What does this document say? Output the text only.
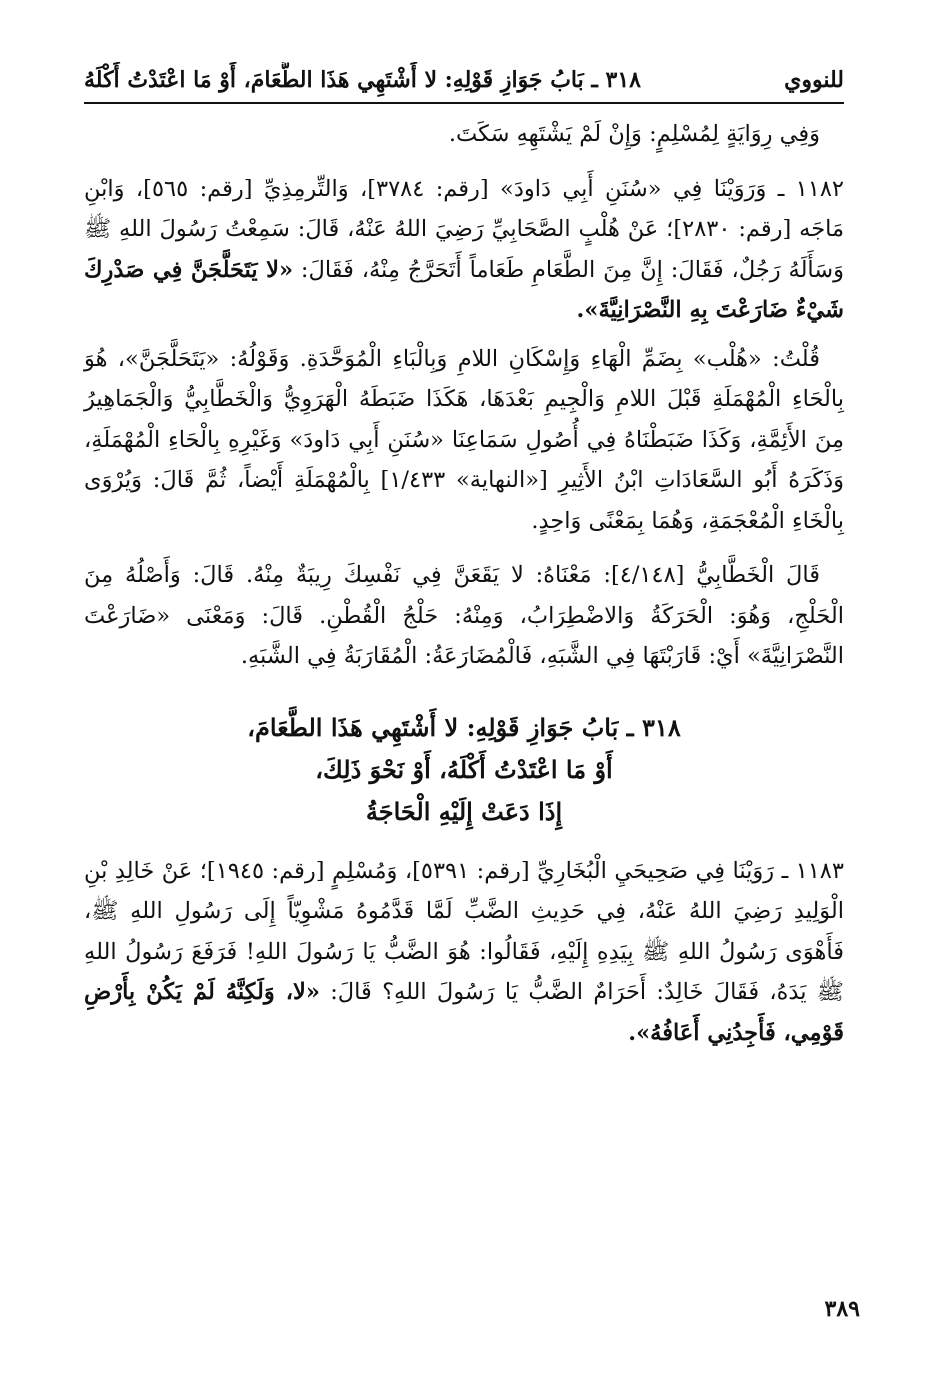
للنووي
٣١٨ ـ بَابُ جَوَازِ قَوْلِهِ: لا أَشْتَهِي هَذَا الطَّعَامَ، أَوْ مَا اعْتَدْتُ أَكْلَهُ

وَفِي رِوَايَةٍ لِمُسْلِمٍ: وَإِنْ لَمْ يَشْتَهِهِ سَكَتَ.

١١٨٢ ـ وَرَوَيْنَا فِي «سُنَنِ أَبِي دَاودَ» [رقم: ٣٧٨٤]، وَالتِّرمِذِيِّ [رقم: ٥٦٥]، وَابْنِ مَاجَه [رقم: ٢٨٣٠]؛ عَنْ هُلْبٍ الصَّحَابِيِّ رَضِيَ اللهُ عَنْهُ، قَالَ: سَمِعْتُ رَسُولَ اللهِ ﷺ وَسَأَلَهُ رَجُلٌ، فَقَالَ: إِنَّ مِنَ الطَّعَامِ طَعَاماً أَتَحَرَّجُ مِنْهُ، فَقَالَ: «لا يَتَحَلَّجَنَّ فِي صَدْرِكَ شَيْءٌ ضَارَعْتَ بِهِ النَّصْرَانِيَّةَ».

قُلْتُ: «هُلْب» بِضَمِّ الْهَاءِ وَإِسْكَانِ اللامِ وَبِالْبَاءِ الْمُوَحَّدَةِ. وَقَوْلُهُ: «يَتَحَلَّجَنَّ»، هُوَ بِالْحَاءِ الْمُهْمَلَةِ قَبْلَ اللامِ وَالْجِيمِ بَعْدَهَا، هَكَذَا ضَبَطَهُ الْهَرَوِيُّ وَالْخَطَّابِيُّ وَالْجَمَاهِيرُ مِنَ الأَئِمَّةِ، وَكَذَا ضَبَطْنَاهُ فِي أُصُولِ سَمَاعِنَا «سُنَنِ أَبِي دَاودَ» وَغَيْرِهِ بِالْحَاءِ الْمُهْمَلَةِ، وَذَكَرَهُ أَبُو السَّعَادَاتِ ابْنُ الأَثِيرِ [«النهاية» ١/٤٣٣] بِالْمُهْمَلَةِ أَيْضاً، ثُمَّ قَالَ: وَيُرْوَى بِالْخَاءِ الْمُعْجَمَةِ، وَهُمَا بِمَعْنًى وَاحِدٍ.

قَالَ الْخَطَّابِيُّ [٤/١٤٨]: مَعْنَاهُ: لا يَقَعَنَّ فِي نَفْسِكَ رِيبَةٌ مِنْهُ. قَالَ: وَأَصْلُهُ مِنَ الْحَلْجِ، وَهُوَ: الْحَرَكَةُ وَالاضْطِرَابُ، وَمِنْهُ: حَلْجُ الْقُطْنِ. قَالَ: وَمَعْنَى «ضَارَعْتَ النَّصْرَانِيَّةَ» أَيْ: قَارَبْتَهَا فِي الشَّبَهِ، فَالْمُضَارَعَةُ: الْمُقَارَبَةُ فِي الشَّبَهِ.

٣١٨ ـ بَابُ جَوَازِ قَوْلِهِ: لا أَشْتَهِي هَذَا الطَّعَامَ،
أَوْ مَا اعْتَدْتُ أَكْلَهُ، أَوْ نَحْوَ ذَلِكَ،
إِذَا دَعَتْ إِلَيْهِ الْحَاجَةُ

١١٨٣ ـ رَوَيْنَا فِي صَحِيحَيِ الْبُخَارِيِّ [رقم: ٥٣٩١]، وَمُسْلِمٍ [رقم: ١٩٤٥]؛ عَنْ خَالِدِ بْنِ الْوَلِيدِ رَضِيَ اللهُ عَنْهُ، فِي حَدِيثِ الضَّبِّ لَمَّا قَدَّمُوهُ مَشْوِيّاً إِلَى رَسُولِ اللهِ ﷺ، فَأَهْوَى رَسُولُ اللهِ ﷺ بِيَدِهِ إِلَيْهِ، فَقَالُوا: هُوَ الضَّبُّ يَا رَسُولَ اللهِ! فَرَفَعَ رَسُولُ اللهِ ﷺ يَدَهُ، فَقَالَ خَالِدٌ: أَحَرَامٌ الضَّبُّ يَا رَسُولَ اللهِ؟ قَالَ: «لا، وَلَكِنَّهُ لَمْ يَكُنْ بِأَرْضِ قَوْمِي، فَأَجِدُنِي أَعَافُهُ».

٣٨٩
